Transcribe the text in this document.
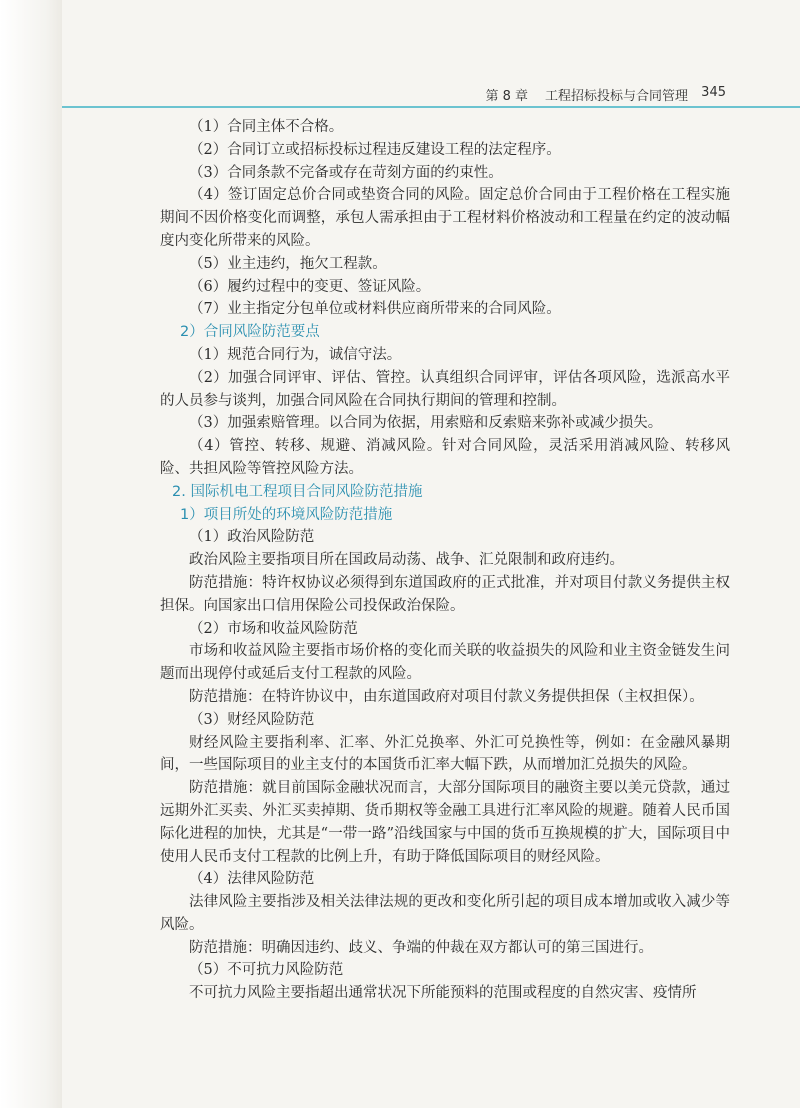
第 8 章 工程招标投标与合同管理 345

（1）合同主体不合格。

（2）合同订立或招标投标过程违反建设工程的法定程序。

（3）合同条款不完备或存在苛刻方面的约束性。

（4）签订固定总价合同或垫资合同的风险。固定总价合同由于工程价格在工程实施期间不因价格变化而调整，承包人需承担由于工程材料价格波动和工程量在约定的波动幅度内变化所带来的风险。

（5）业主违约，拖欠工程款。

（6）履约过程中的变更、签证风险。

（7）业主指定分包单位或材料供应商所带来的合同风险。

2）合同风险防范要点

（1）规范合同行为，诚信守法。

（2）加强合同评审、评估、管控。认真组织合同评审，评估各项风险，选派高水平的人员参与谈判，加强合同风险在合同执行期间的管理和控制。

（3）加强索赔管理。以合同为依据，用索赔和反索赔来弥补或减少损失。

（4）管控、转移、规避、消减风险。针对合同风险，灵活采用消减风险、转移风险、共担风险等管控风险方法。

2. 国际机电工程项目合同风险防范措施

1）项目所处的环境风险防范措施

（1）政治风险防范

政治风险主要指项目所在国政局动荡、战争、汇兑限制和政府违约。

防范措施：特许权协议必须得到东道国政府的正式批准，并对项目付款义务提供主权担保。向国家出口信用保险公司投保政治保险。

（2）市场和收益风险防范

市场和收益风险主要指市场价格的变化而关联的收益损失的风险和业主资金链发生问题而出现停付或延后支付工程款的风险。

防范措施：在特许协议中，由东道国政府对项目付款义务提供担保（主权担保）。

（3）财经风险防范

财经风险主要指利率、汇率、外汇兑换率、外汇可兑换性等，例如：在金融风暴期间，一些国际项目的业主支付的本国货币汇率大幅下跌，从而增加汇兑损失的风险。

防范措施：就目前国际金融状况而言，大部分国际项目的融资主要以美元贷款，通过远期外汇买卖、外汇买卖掉期、货币期权等金融工具进行汇率风险的规避。随着人民币国际化进程的加快，尤其是“一带一路”沿线国家与中国的货币互换规模的扩大，国际项目中使用人民币支付工程款的比例上升，有助于降低国际项目的财经风险。

（4）法律风险防范

法律风险主要指涉及相关法律法规的更改和变化所引起的项目成本增加或收入减少等风险。

防范措施：明确因违约、歧义、争端的仲裁在双方都认可的第三国进行。

（5）不可抗力风险防范

不可抗力风险主要指超出通常状况下所能预料的范围或程度的自然灾害、疫情所
